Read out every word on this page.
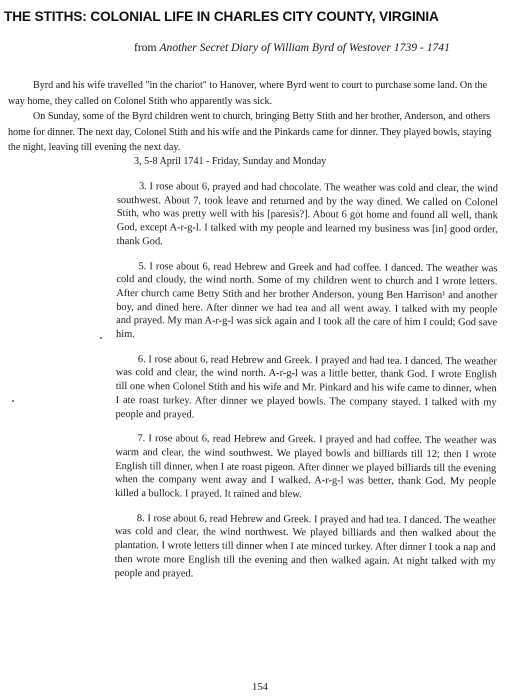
THE STITHS: COLONIAL LIFE IN CHARLES CITY COUNTY, VIRGINIA
from Another Secret Diary of William Byrd of Westover 1739 - 1741

Byrd and his wife travelled "in the chariot" to Hanover, where Byrd went to court to purchase some land. On the way home, they called on Colonel Stith who apparently was sick.

On Sunday, some of the Byrd children went to church, bringing Betty Stith and her brother, Anderson, and others home for dinner. The next day, Colonel Stith and his wife and the Pinkards came for dinner. They played bowls, staying the night, leaving till evening the next day.

3, 5-8 April 1741 - Friday, Sunday and Monday

3. I rose about 6, prayed and had chocolate. The weather was cold and clear, the wind southwest. About 7, took leave and returned and by the way dined. We called on Colonel Stith, who was pretty well with his [paresis?]. About 6 got home and found all well, thank God, except A-r-g-l. I talked with my people and learned my business was [in] good order, thank God.

5. I rose about 6, read Hebrew and Greek and had coffee. I danced. The weather was cold and cloudy, the wind north. Some of my children went to church and I wrote letters. After church came Betty Stith and her brother Anderson, young Ben Harrison¹ and another boy, and dined here. After dinner we had tea and all went away. I talked with my people and prayed. My man A-r-g-l was sick again and I took all the care of him I could; God save him.

6. I rose about 6, read Hebrew and Greek. I prayed and had tea. I danced. The weather was cold and clear, the wind north. A-r-g-l was a little better, thank God. I wrote English till one when Colonel Stith and his wife and Mr. Pinkard and his wife came to dinner, when I ate roast turkey. After dinner we played bowls. The company stayed. I talked with my people and prayed.

7. I rose about 6, read Hebrew and Greek. I prayed and had coffee. The weather was warm and clear, the wind southwest. We played bowls and billiards till 12; then I wrote English till dinner, when I ate roast pigeon. After dinner we played billiards till the evening when the company went away and I walked. A-r-g-l was better, thank God. My people killed a bullock. I prayed. It rained and blew.

8. I rose about 6, read Hebrew and Greek. I prayed and had tea. I danced. The weather was cold and clear, the wind northwest. We played billiards and then walked about the plantation. I wrote letters till dinner when I ate minced turkey. After dinner I took a nap and then wrote more English till the evening and then walked again. At night talked with my people and prayed.

154
